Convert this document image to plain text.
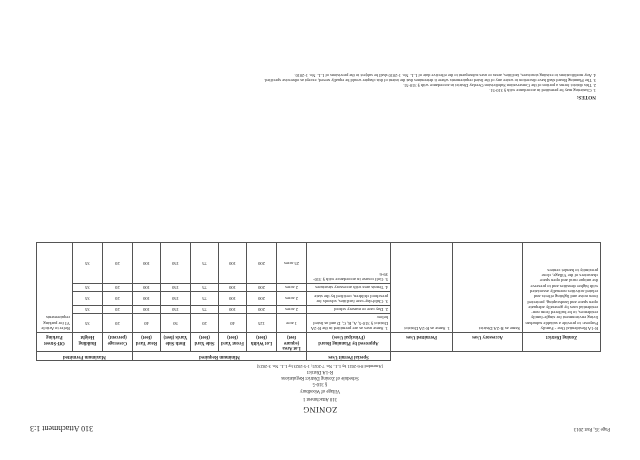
Page 35, Part 2013
310 Attachment 1:3
ZONING
310 Attachment 1
Village of Woodbury
§ 310-5
Schedule of Zoning District Regulations
R-1A District
[Amended 8-6-2021 by L.L. No. 7-2021; 1-5-2023 by L.L. No. 3-2023]
			Special Permit Uses	Minimum Required						Maximum Permitted		
Zoning District	Accessory Uses	Permitted Uses	Approved by Planning Board (Principal Uses)	Lot Area (square feet)	Lot Width (feet)	Front Yard (feet)	Side Yard (feet)	Both Side Yards (feet)	Rear Yard (feet)	Coverage (percent)	Building Height	Off-Street Parking
R-1A Residential One - Family Purpose: to provide a suitable suburban living environment for single-family residences, to be buffered from non-residential uses by generally adequate open space and landscaping, protected from noise and lighting effects and related activities normally associated with higher densities and to preserve the unique rural and open space characters of the Village, close proximity to hamlet centers	Same as R-2A District	1. Same as R-2A District	1. Same uses as are permitted in the R-2A District § 310-5, A, B, C, D and as listed below	1 acre	125	40	20	50	40	20	35	Refer to Article VI for parking requirements
			2. Day care or nursery school	2 acres	200	100	75	150	100	20	35	
			3. Child-day-care facilities, schools for preschool children, certified by the state	2 acres	200	100	75	150	100	20	35	
			4. Tennis area with accessory structures	2 acres	200	100	75	150	100	20	35	
			5. Golf course in accordance with § 310-39-6	25 acres	200	100	75	150	100	20	35	
NOTES:
1. Clustering may be permitted in accordance with § 310-51.
2. This district forms a portion of the Conservation Subdivision Overlay District in accordance with § 310-51.
3. The Planning Board shall have discretion to waive any of the listed requirements where it determines that the intent of this chapter would be equally served, except as otherwise specified.
4. Any modifications to existing structures, facilities, areas or uses subsequent to the effective date of L.L. No. 1-2010 shall be subject to the provisions of L.L. No. 1-2010.
